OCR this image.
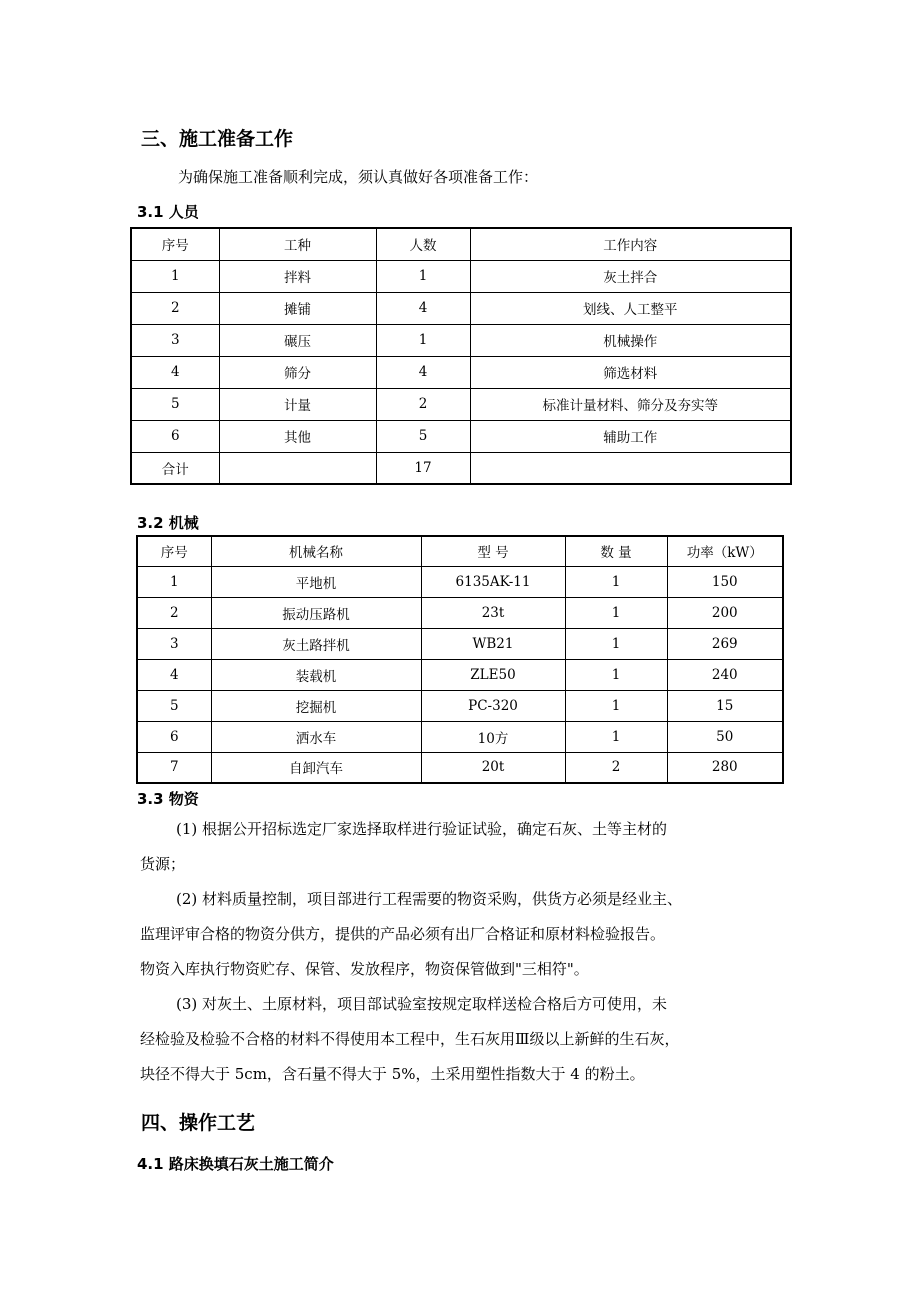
三、施工准备工作
为确保施工准备顺利完成，须认真做好各项准备工作：
3.1 人员
序号	工种	人数	工作内容
1	拌料	1	灰土拌合
2	摊铺	4	划线、人工整平
3	碾压	1	机械操作
4	筛分	4	筛选材料
5	计量	2	标准计量材料、筛分及夯实等
6	其他	5	辅助工作
合计		17	
3.2 机械
序号	机械名称	型 号	数 量	功率（kW）
1	平地机	6135AK-11	1	150
2	振动压路机	23t	1	200
3	灰土路拌机	WB21	1	269
4	装载机	ZLE50	1	240
5	挖掘机	PC-320	1	15
6	洒水车	10方	1	50
7	自卸汽车	20t	2	280
3.3 物资
(1) 根据公开招标选定厂家选择取样进行验证试验，确定石灰、土等主材的
货源；
(2) 材料质量控制，项目部进行工程需要的物资采购，供货方必须是经业主、
监理评审合格的物资分供方，提供的产品必须有出厂合格证和原材料检验报告。
物资入库执行物资贮存、保管、发放程序，物资保管做到"三相符"。
(3) 对灰土、土原材料，项目部试验室按规定取样送检合格后方可使用，未
经检验及检验不合格的材料不得使用本工程中，生石灰用Ⅲ级以上新鲜的生石灰，
块径不得大于 5cm，含石量不得大于 5%，土采用塑性指数大于 4 的粉土。
四、操作工艺
4.1 路床换填石灰土施工简介
